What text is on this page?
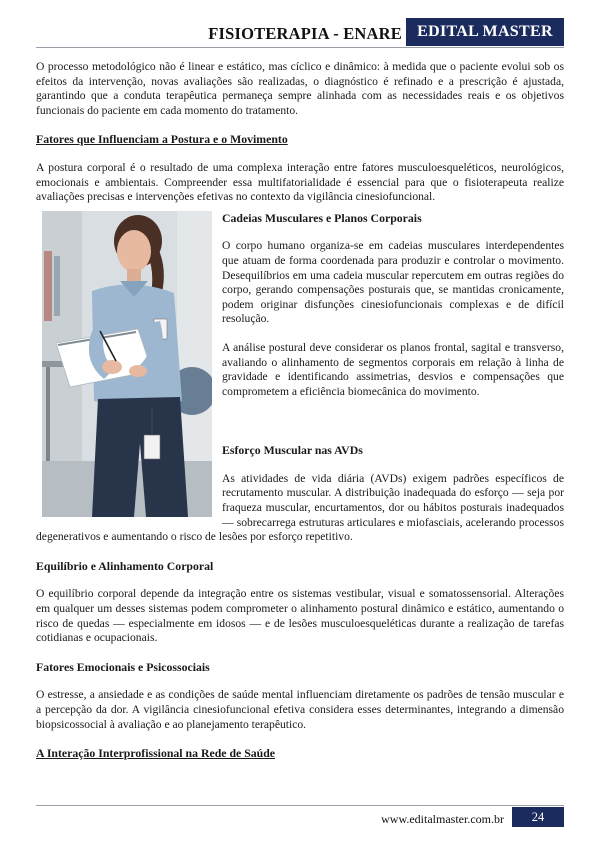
FISIOTERAPIA - ENARE EDITAL MASTER

O processo metodológico não é linear e estático, mas cíclico e dinâmico: à medida que o paciente evolui sob os efeitos da intervenção, novas avaliações são realizadas, o diagnóstico é refinado e a prescrição é ajustada, garantindo que a conduta terapêutica permaneça sempre alinhada com as necessidades reais e os objetivos funcionais do paciente em cada momento do tratamento.

Fatores que Influenciam a Postura e o Movimento

A postura corporal é o resultado de uma complexa interação entre fatores musculoesqueléticos, neurológicos, emocionais e ambientais. Compreender essa multifatorialidade é essencial para que o fisioterapeuta realize avaliações precisas e intervenções efetivas no contexto da vigilância cinesiofuncional.

Cadeias Musculares e Planos Corporais

O corpo humano organiza-se em cadeias musculares interdependentes que atuam de forma coordenada para produzir e controlar o movimento. Desequilíbrios em uma cadeia muscular repercutem em outras regiões do corpo, gerando compensações posturais que, se mantidas cronicamente, podem originar disfunções cinesiofuncionais complexas e de difícil resolução.

A análise postural deve considerar os planos frontal, sagital e transverso, avaliando o alinhamento de segmentos corporais em relação à linha de gravidade e identificando assimetrias, desvios e compensações que comprometem a eficiência biomecânica do movimento.

Esforço Muscular nas AVDs

As atividades de vida diária (AVDs) exigem padrões específicos de recrutamento muscular. A distribuição inadequada do esforço — seja por fraqueza muscular, encurtamentos, dor ou hábitos posturais inadequados — sobrecarrega estruturas articulares e miofasciais, acelerando processos degenerativos e aumentando o risco de lesões por esforço repetitivo.

Equilíbrio e Alinhamento Corporal

O equilíbrio corporal depende da integração entre os sistemas vestibular, visual e somatossensorial. Alterações em qualquer um desses sistemas podem comprometer o alinhamento postural dinâmico e estático, aumentando o risco de quedas — especialmente em idosos — e de lesões musculoesqueléticas durante a realização de tarefas cotidianas e ocupacionais.

Fatores Emocionais e Psicossociais

O estresse, a ansiedade e as condições de saúde mental influenciam diretamente os padrões de tensão muscular e a percepção da dor. A vigilância cinesiofuncional efetiva considera esses determinantes, integrando a dimensão biopsicossocial à avaliação e ao planejamento terapêutico.

A Interação Interprofissional na Rede de Saúde

www.editalmaster.com.br	24
